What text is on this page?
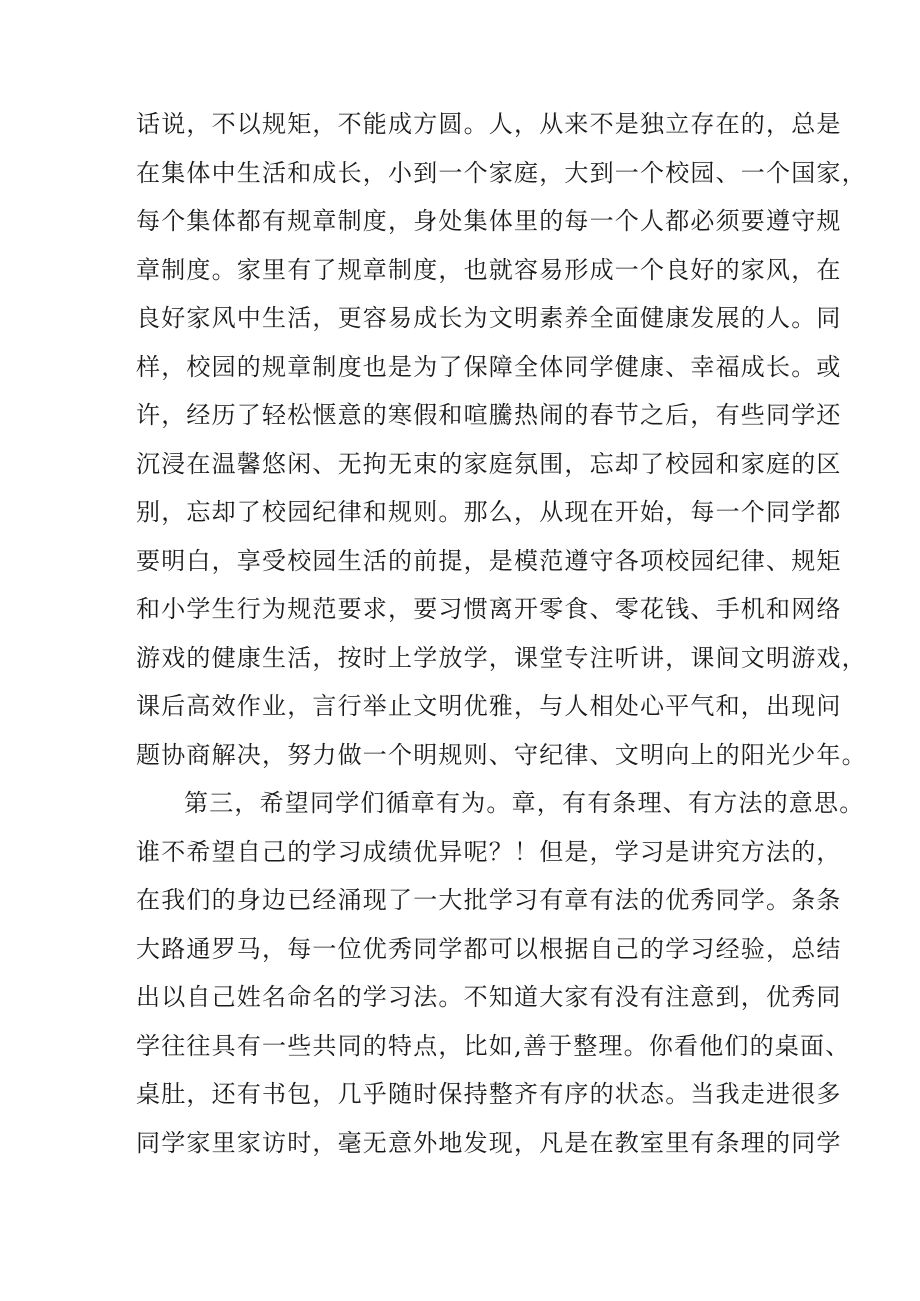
话说，不以规矩，不能成方圆。人，从来不是独立存在的，总是
在集体中生活和成长，小到一个家庭，大到一个校园、一个国家，
每个集体都有规章制度，身处集体里的每一个人都必须要遵守规
章制度。家里有了规章制度，也就容易形成一个良好的家风，在
良好家风中生活，更容易成长为文明素养全面健康发展的人。同
样，校园的规章制度也是为了保障全体同学健康、幸福成长。或
许，经历了轻松惬意的寒假和喧騰热闹的春节之后，有些同学还
沉浸在温馨悠闲、无拘无束的家庭氛围，忘却了校园和家庭的区
别，忘却了校园纪律和规则。那么，从现在开始，每一个同学都
要明白，享受校园生活的前提，是模范遵守各项校园纪律、规矩
和小学生行为规范要求，要习惯离开零食、零花钱、手机和网络
游戏的健康生活，按时上学放学，课堂专注听讲，课间文明游戏，
课后高效作业，言行举止文明优雅，与人相处心平气和，出现问
题协商解决，努力做一个明规则、守纪律、文明向上的阳光少年。
第三，希望同学们循章有为。章，有有条理、有方法的意思。
谁不希望自己的学习成绩优异呢？！但是，学习是讲究方法的，
在我们的身边已经涌现了一大批学习有章有法的优秀同学。条条
大路通罗马，每一位优秀同学都可以根据自己的学习经验，总结
出以自己姓名命名的学习法。不知道大家有没有注意到，优秀同
学往往具有一些共同的特点，比如,善于整理。你看他们的桌面、
桌肚，还有书包，几乎随时保持整齐有序的状态。当我走进很多
同学家里家访时，毫无意外地发现，凡是在教室里有条理的同学
